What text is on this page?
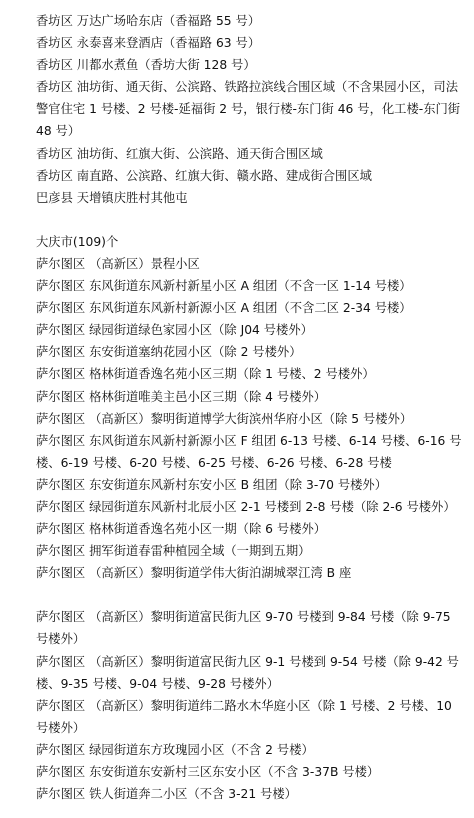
香坊区 万达广场哈东店（香福路 55 号）

香坊区 永泰喜来登酒店（香福路 63 号）

香坊区 川都水煮鱼（香坊大街 128 号）

香坊区 油坊街、通天街、公滨路、铁路拉滨线合围区域（不含果园小区，司法警官住宅 1 号楼、2 号楼-延福街 2 号，银行楼-东门街 46 号，化工楼-东门街 48 号）

香坊区 油坊街、红旗大街、公滨路、通天街合围区域

香坊区 南直路、公滨路、红旗大街、赣水路、建成街合围区域

巴彦县 天增镇庆胜村其他屯

大庆市(109)个

萨尔图区 （高新区）景程小区

萨尔图区 东风街道东风新村新星小区 A 组团（不含一区 1-14 号楼）

萨尔图区 东风街道东风新村新源小区 A 组团（不含二区 2-34 号楼）

萨尔图区 绿园街道绿色家园小区（除 J04 号楼外）

萨尔图区 东安街道塞纳花园小区（除 2 号楼外）

萨尔图区 格林街道香逸名苑小区三期（除 1 号楼、2 号楼外）

萨尔图区 格林街道唯美主邑小区三期（除 4 号楼外）

萨尔图区 （高新区）黎明街道博学大街滨州华府小区（除 5 号楼外）

萨尔图区 东风街道东风新村新源小区 F 组团 6-13 号楼、6-14 号楼、6-16 号楼、6-19 号楼、6-20 号楼、6-25 号楼、6-26 号楼、6-28 号楼

萨尔图区 东安街道东风新村东安小区 B 组团（除 3-70 号楼外）

萨尔图区 绿园街道东风新村北辰小区 2-1 号楼到 2-8 号楼（除 2-6 号楼外）

萨尔图区 格林街道香逸名苑小区一期（除 6 号楼外）

萨尔图区 拥军街道春雷种植园全域（一期到五期）

萨尔图区 （高新区）黎明街道学伟大街泊湖城翠江湾 B 座

萨尔图区 （高新区）黎明街道富民街九区 9-70 号楼到 9-84 号楼（除 9-75 号楼外）

萨尔图区 （高新区）黎明街道富民街九区 9-1 号楼到 9-54 号楼（除 9-42 号楼、9-35 号楼、9-04 号楼、9-28 号楼外）

萨尔图区 （高新区）黎明街道纬二路水木华庭小区（除 1 号楼、2 号楼、10 号楼外）

萨尔图区 绿园街道东方玫瑰园小区（不含 2 号楼）

萨尔图区 东安街道东安新村三区东安小区（不含 3-37B 号楼）

萨尔图区 铁人街道奔二小区（不含 3-21 号楼）
